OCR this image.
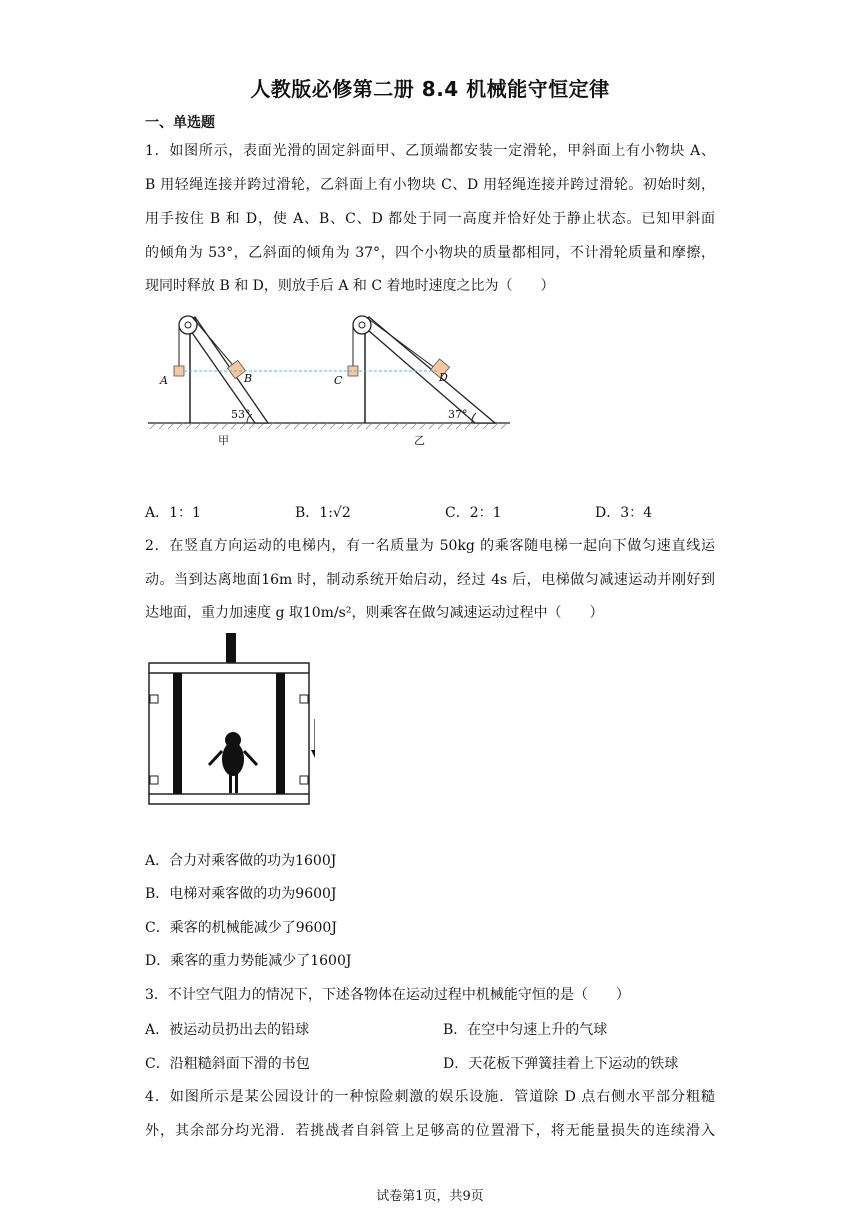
人教版必修第二册 8.4 机械能守恒定律
一、单选题
1．如图所示，表面光滑的固定斜面甲、乙顶端都安装一定滑轮，甲斜面上有小物块 A、
B 用轻绳连接并跨过滑轮，乙斜面上有小物块 C、D 用轻绳连接并跨过滑轮。初始时刻，
用手按住 B 和 D，使 A、B、C、D 都处于同一高度并恰好处于静止状态。已知甲斜面
的倾角为 53°，乙斜面的倾角为 37°，四个小物块的质量都相同，不计滑轮质量和摩擦，
现同时释放 B 和 D，则放手后 A 和 C 着地时速度之比为（　　）
53°
A	B
甲
37°
C	D
乙
A．1：1	B．1:√2	C．2：1	D．3：4
2．在竖直方向运动的电梯内，有一名质量为 50kg 的乘客随电梯一起向下做匀速直线运
动。当到达离地面16m 时，制动系统开始启动，经过 4s 后，电梯做匀减速运动并刚好到
达地面，重力加速度 g 取10m/s²，则乘客在做匀减速运动过程中（　　）
A．合力对乘客做的功为1600J
B．电梯对乘客做的功为9600J
C．乘客的机械能减少了9600J
D．乘客的重力势能减少了1600J
3．不计空气阻力的情况下，下述各物体在运动过程中机械能守恒的是（　　）
A．被运动员扔出去的铅球	B．在空中匀速上升的气球
C．沿粗糙斜面下滑的书包	D．天花板下弹簧挂着上下运动的铁球
4．如图所示是某公园设计的一种惊险刺激的娱乐设施．管道除 D 点右侧水平部分粗糙
外，其余部分均光滑．若挑战者自斜管上足够高的位置滑下，将无能量损失的连续滑入
试卷第1页，共9页
